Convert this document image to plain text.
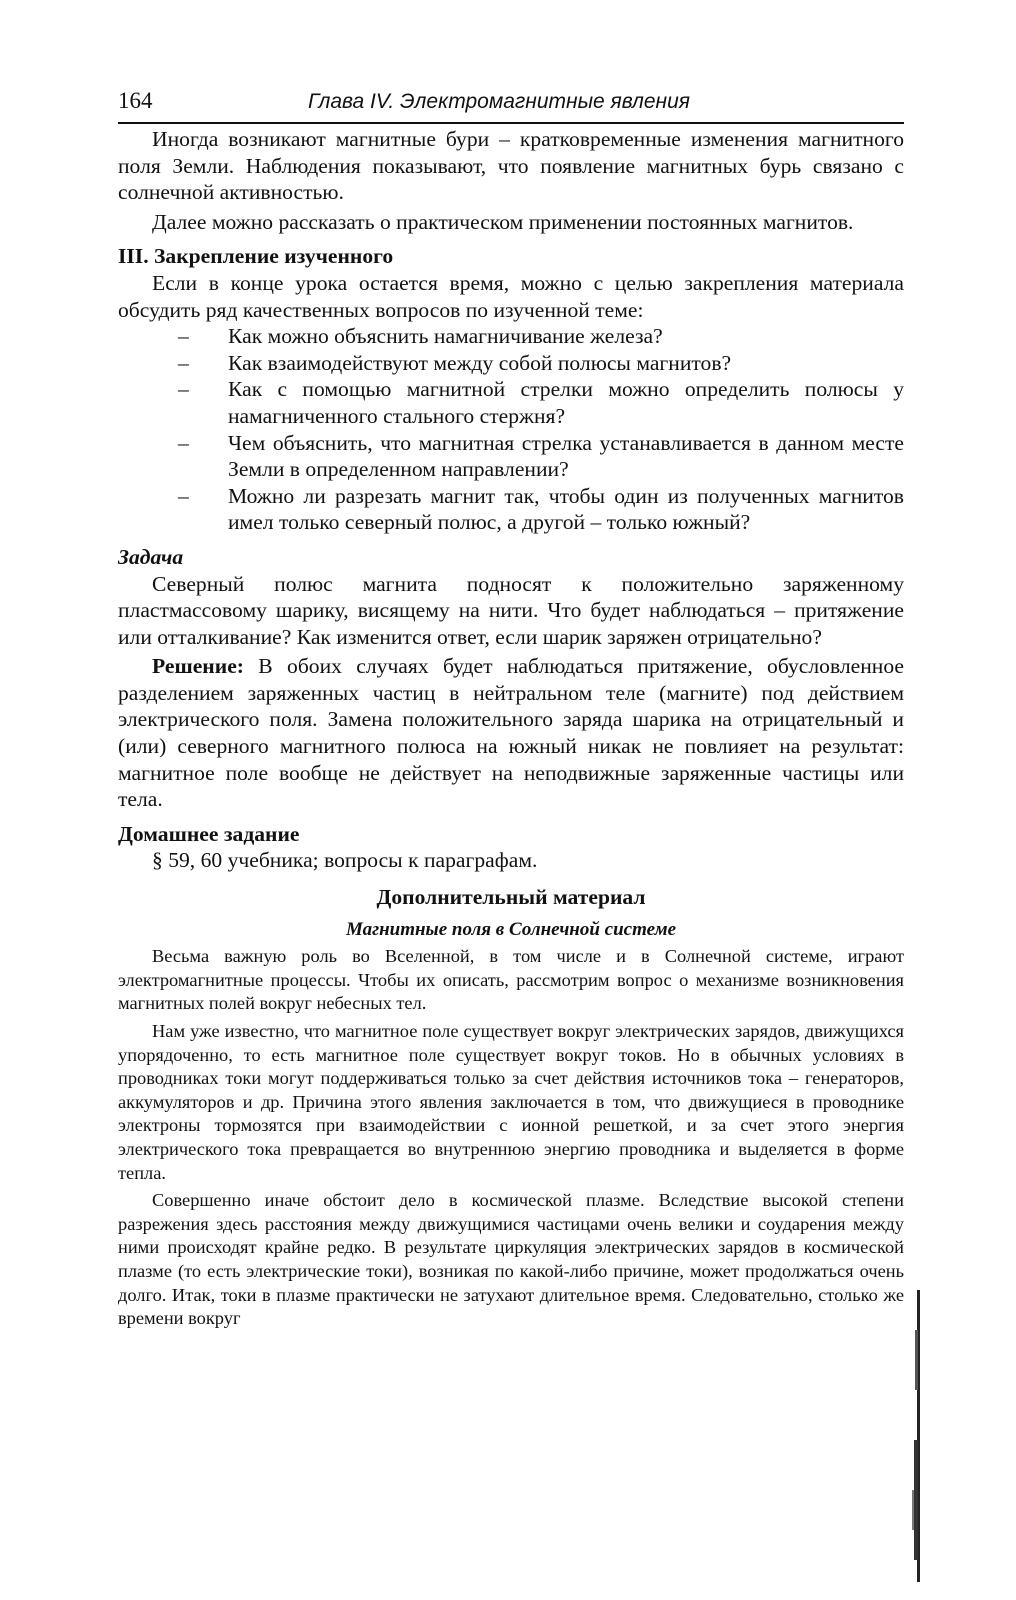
164	Глава IV. Электромагнитные явления

Иногда возникают магнитные бури – кратковременные изменения магнитного поля Земли. Наблюдения показывают, что появление магнитных бурь связано с солнечной активностью.

Далее можно рассказать о практическом применении постоянных магнитов.

III. Закрепление изученного

Если в конце урока остается время, можно с целью закрепления материала обсудить ряд качественных вопросов по изученной теме:

– Как можно объяснить намагничивание железа?
– Как взаимодействуют между собой полюсы магнитов?
– Как с помощью магнитной стрелки можно определить полюсы у намагниченного стального стержня?
– Чем объяснить, что магнитная стрелка устанавливается в данном месте Земли в определенном направлении?
– Можно ли разрезать магнит так, чтобы один из полученных магнитов имел только северный полюс, а другой – только южный?
Задача

Северный полюс магнита подносят к положительно заряженному пластмассовому шарику, висящему на нити. Что будет наблюдаться – притяжение или отталкивание? Как изменится ответ, если шарик заряжен отрицательно?

Решение: В обоих случаях будет наблюдаться притяжение, обусловленное разделением заряженных частиц в нейтральном теле (магните) под действием электрического поля. Замена положительного заряда шарика на отрицательный и (или) северного магнитного полюса на южный никак не повлияет на результат: магнитное поле вообще не действует на неподвижные заряженные частицы или тела.

Домашнее задание
§ 59, 60 учебника; вопросы к параграфам.
Дополнительный материал
Магнитные поля в Солнечной системе

Весьма важную роль во Вселенной, в том числе и в Солнечной системе, играют электромагнитные процессы. Чтобы их описать, рассмотрим вопрос о механизме возникновения магнитных полей вокруг небесных тел.

Нам уже известно, что магнитное поле существует вокруг электрических зарядов, движущихся упорядоченно, то есть магнитное поле существует вокруг токов. Но в обычных условиях в проводниках токи могут поддерживаться только за счет действия источников тока – генераторов, аккумуляторов и др. Причина этого явления заключается в том, что движущиеся в проводнике электроны тормозятся при взаимодействии с ионной решеткой, и за счет этого энергия электрического тока превращается во внутреннюю энергию проводника и выделяется в форме тепла.

Совершенно иначе обстоит дело в космической плазме. Вследствие высокой степени разрежения здесь расстояния между движущимися частицами очень велики и соударения между ними происходят крайне редко. В результате циркуляция электрических зарядов в космической плазме (то есть электрические токи), возникая по какой-либо причине, может продолжаться очень долго. Итак, токи в плазме практически не затухают длительное время. Следовательно, столько же времени вокруг
